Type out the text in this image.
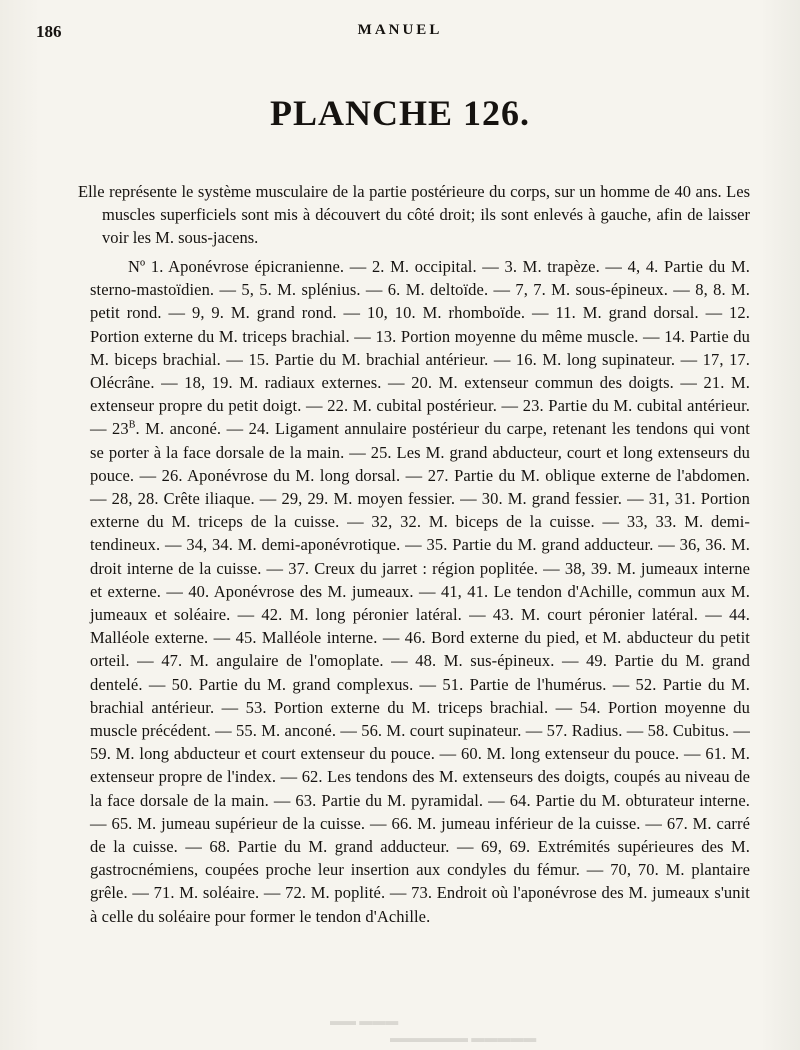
▬▬▬ ▬▬
▬▬▬▬▬ ▬▬▬▬▬▬
186	MANUEL
PLANCHE 126.

Elle représente le système musculaire de la partie postérieure du corps, sur un homme de 40 ans. Les muscles superficiels sont mis à découvert du côté droit; ils sont enlevés à gauche, afin de laisser voir les M. sous-jacens.

Nº 1. Aponévrose épicranienne. — 2. M. occipital. — 3. M. trapèze. — 4, 4. Partie du M. sterno-mastoïdien. — 5, 5. M. splénius. — 6. M. deltoïde. — 7, 7. M. sous-épineux. — 8, 8. M. petit rond. — 9, 9. M. grand rond. — 10, 10. M. rhomboïde. — 11. M. grand dorsal. — 12. Portion externe du M. triceps brachial. — 13. Portion moyenne du même muscle. — 14. Partie du M. biceps brachial. — 15. Partie du M. brachial antérieur. — 16. M. long supinateur. — 17, 17. Olécrâne. — 18, 19. M. radiaux externes. — 20. M. extenseur commun des doigts. — 21. M. extenseur propre du petit doigt. — 22. M. cubital postérieur. — 23. Partie du M. cubital antérieur. — $23^B$. M. anconé. — 24. Ligament annulaire postérieur du carpe, retenant les tendons qui vont se porter à la face dorsale de la main. — 25. Les M. grand abducteur, court et long extenseurs du pouce. — 26. Aponévrose du M. long dorsal. — 27. Partie du M. oblique externe de l'abdomen. — 28, 28. Crête iliaque. — 29, 29. M. moyen fessier. — 30. M. grand fessier. — 31, 31. Portion externe du M. triceps de la cuisse. — 32, 32. M. biceps de la cuisse. — 33, 33. M. demi-tendineux. — 34, 34. M. demi-aponévrotique. — 35. Partie du M. grand adducteur. — 36, 36. M. droit interne de la cuisse. — 37. Creux du jarret : région poplitée. — 38, 39. M. jumeaux interne et externe. — 40. Aponévrose des M. jumeaux. — 41, 41. Le tendon d'Achille, commun aux M. jumeaux et soléaire. — 42. M. long péronier latéral. — 43. M. court péronier latéral. — 44. Malléole externe. — 45. Malléole interne. — 46. Bord externe du pied, et M. abducteur du petit orteil. — 47. M. angulaire de l'omoplate. — 48. M. sus-épineux. — 49. Partie du M. grand dentelé. — 50. Partie du M. grand complexus. — 51. Partie de l'humérus. — 52. Partie du M. brachial antérieur. — 53. Portion externe du M. triceps brachial. — 54. Portion moyenne du muscle précédent. — 55. M. anconé. — 56. M. court supinateur. — 57. Radius. — 58. Cubitus. — 59. M. long abducteur et court extenseur du pouce. — 60. M. long extenseur du pouce. — 61. M. extenseur propre de l'index. — 62. Les tendons des M. extenseurs des doigts, coupés au niveau de la face dorsale de la main. — 63. Partie du M. pyramidal. — 64. Partie du M. obturateur interne. — 65. M. jumeau supérieur de la cuisse. — 66. M. jumeau inférieur de la cuisse. — 67. M. carré de la cuisse. — 68. Partie du M. grand adducteur. — 69, 69. Extrémités supérieures des M. gastrocnémiens, coupées proche leur insertion aux condyles du fémur. — 70, 70. M. plantaire grêle. — 71. M. soléaire. — 72. M. poplité. — 73. Endroit où l'aponévrose des M. jumeaux s'unit à celle du soléaire pour former le tendon d'Achille.
